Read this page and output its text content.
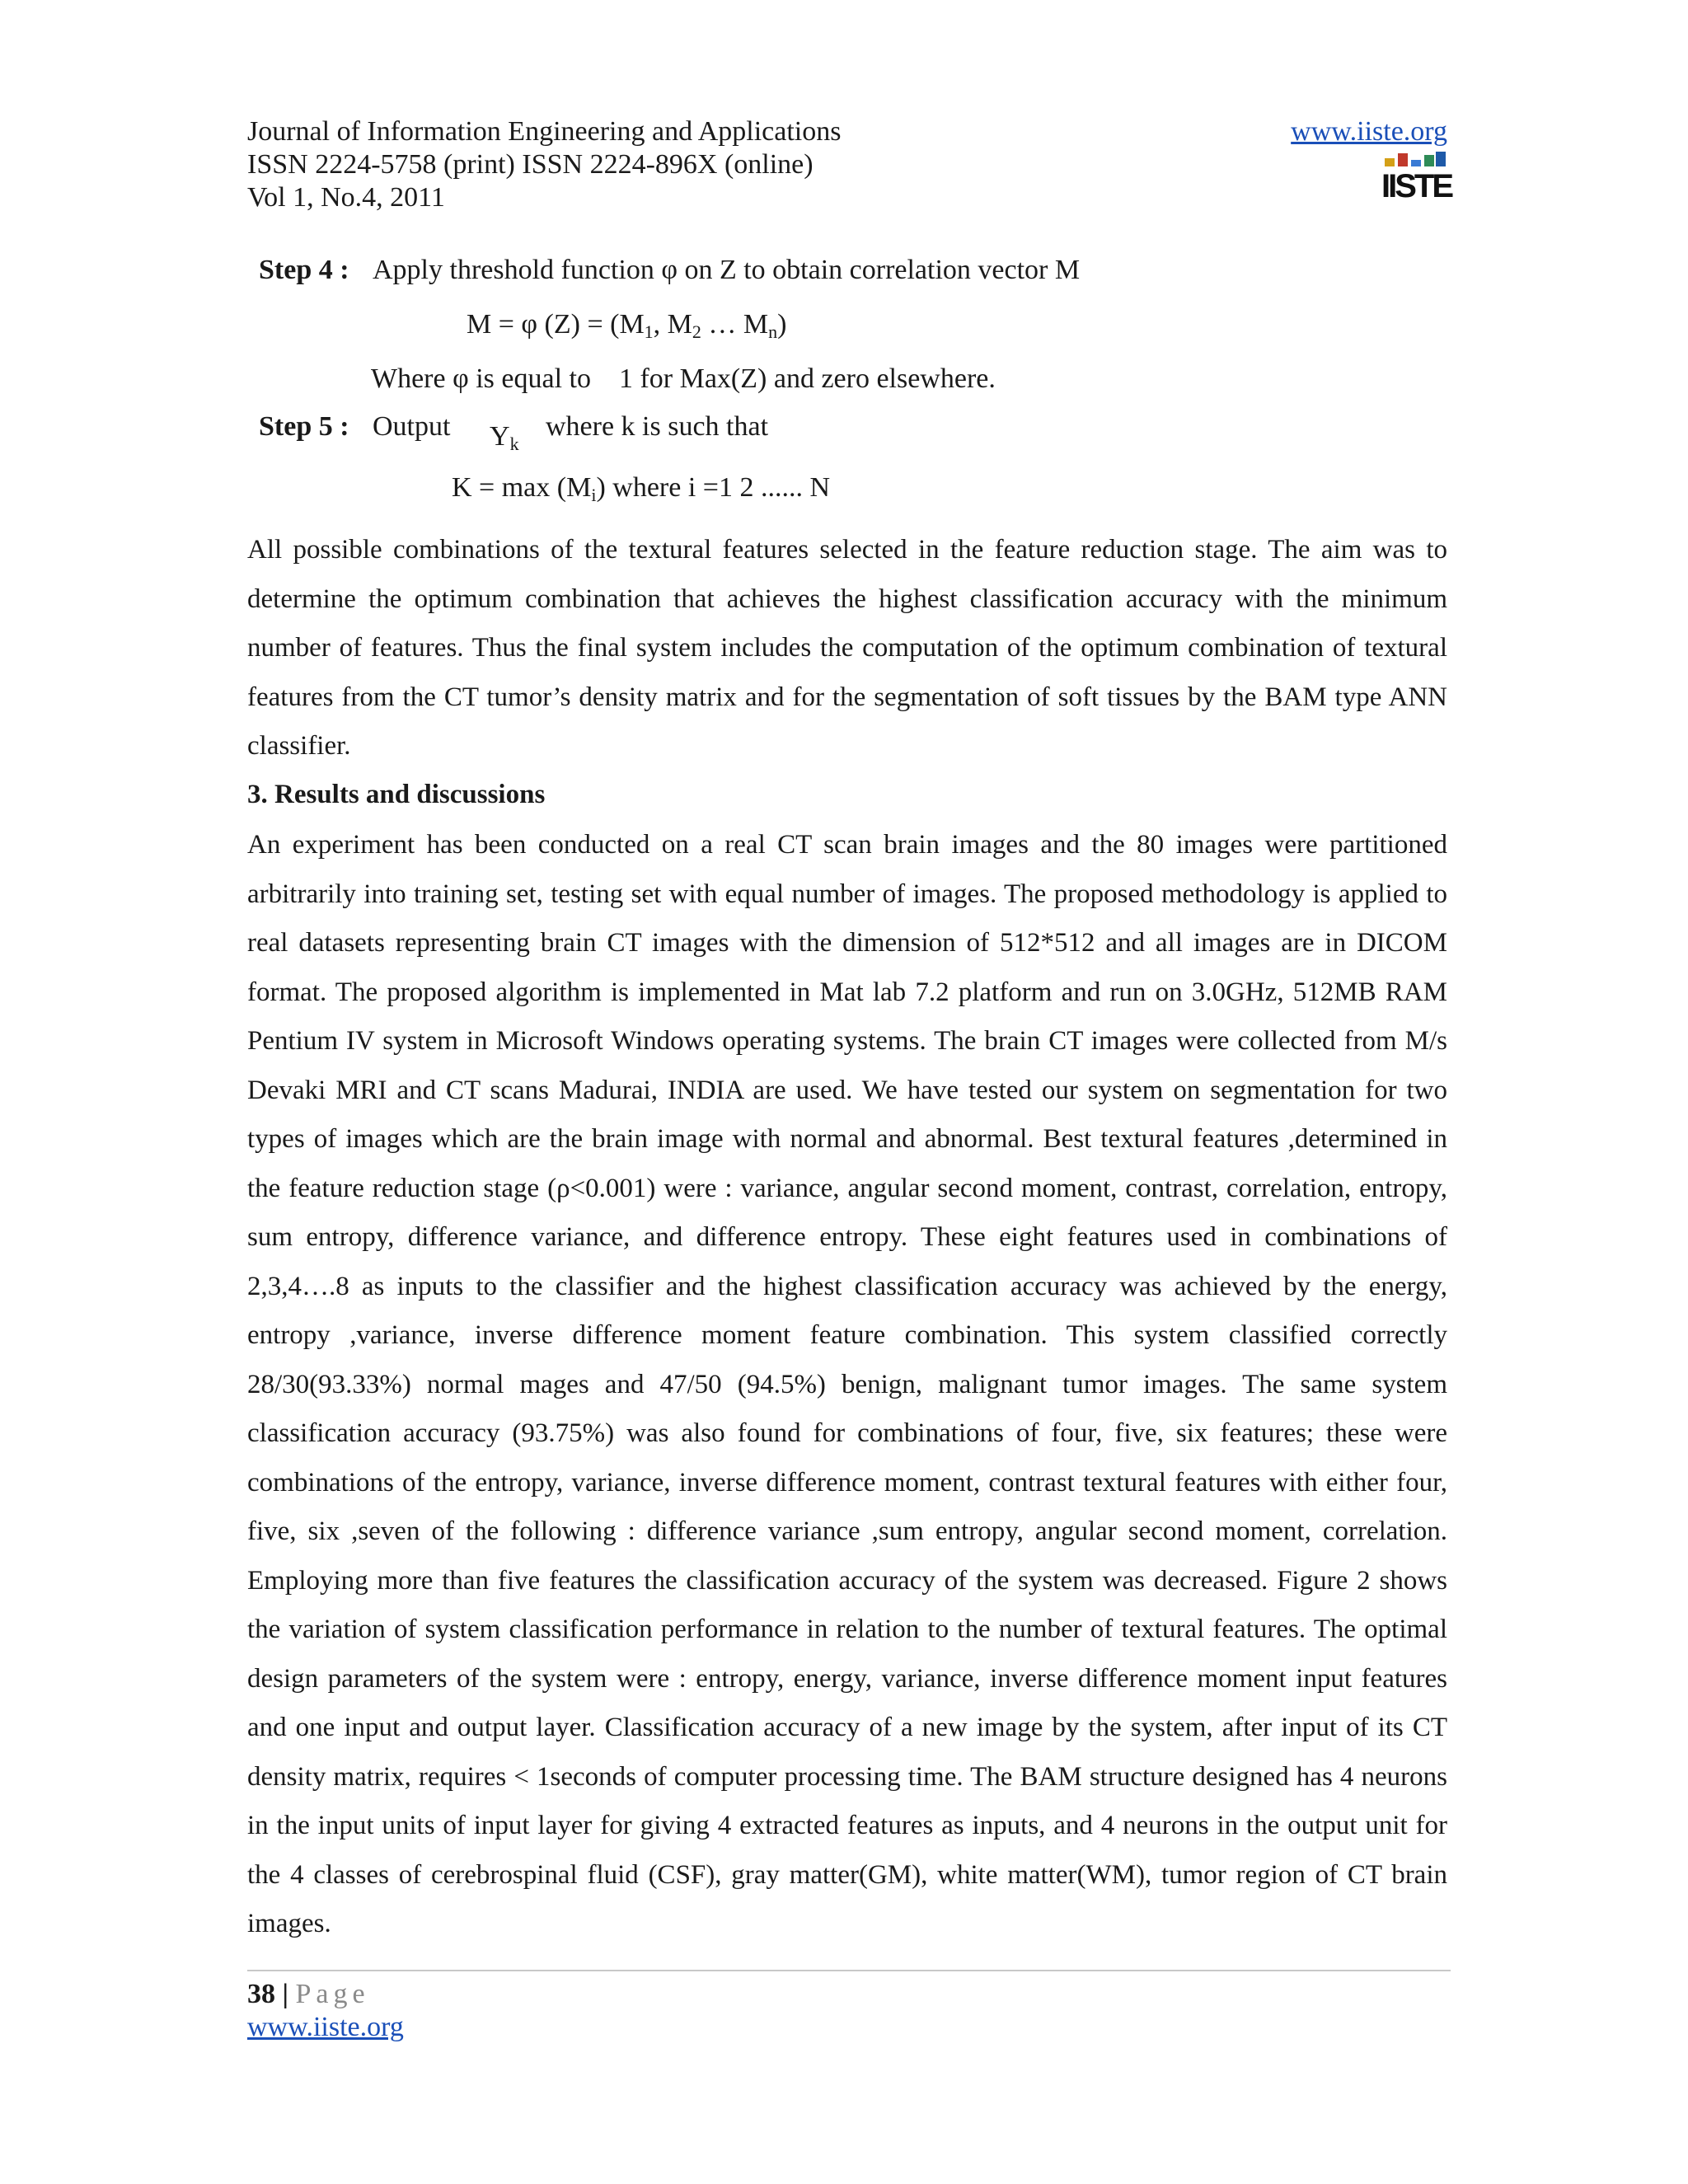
Journal of Information Engineering and Applications
ISSN 2224-5758 (print) ISSN 2224-896X (online)
Vol 1, No.4, 2011
www.iiste.org
IISTE
Step 4 : Apply threshold function φ on Z to obtain correlation vector M
M = φ $(Z) = (M_1$, $M_2$ … $M_n$)
Where φ is equal to    1 for Max(Z) and zero elsewhere.
Step 5 : Output $Y_k$
where k is such that
$K = \max (M_i)$ where i =1 2 ...... N
All possible combinations of the textural features selected in the feature reduction stage. The aim was to determine the optimum combination that achieves the highest classification accuracy with the minimum number of features. Thus the final system includes the computation of the optimum combination of textural features from the CT tumor’s density matrix and for the segmentation of soft tissues by the BAM type ANN classifier.
3. Results and discussions
An experiment has been conducted on a real CT scan brain images and the 80 images were partitioned arbitrarily into training set, testing set with equal number of images. The proposed methodology is applied to real datasets representing brain CT images with the dimension of 512*512 and all images are in DICOM format. The proposed algorithm is implemented in Mat lab 7.2 platform and run on 3.0GHz, 512MB RAM Pentium IV system in Microsoft Windows operating systems. The brain CT images were collected from M/s Devaki MRI and CT scans Madurai, INDIA are used. We have tested our system on segmentation for two types of images which are the brain image with normal and abnormal. Best textural features ,determined in the feature reduction stage (ρ<0.001) were : variance, angular second moment, contrast, correlation, entropy, sum entropy, difference variance, and difference entropy. These eight features used in combinations of 2,3,4….8 as inputs to the classifier and the highest classification accuracy was achieved by the energy, entropy ,variance, inverse difference moment feature combination. This system classified correctly 28/30(93.33%) normal mages and 47/50 (94.5%) benign, malignant tumor images. The same system classification accuracy (93.75%) was also found for combinations of four, five, six features; these were combinations of the entropy, variance, inverse difference moment, contrast textural features with either four, five, six ,seven of the following : difference variance ,sum entropy, angular second moment, correlation. Employing more than five features the classification accuracy of the system was decreased. Figure 2 shows the variation of system classification performance in relation to the number of textural features. The optimal design parameters of the system were : entropy, energy, variance, inverse difference moment input features and one input and output layer. Classification accuracy of a new image by the system, after input of its CT density matrix, requires < 1seconds of computer processing time. The BAM structure designed has 4 neurons in the input units of input layer for giving 4 extracted features as inputs, and 4 neurons in the output unit for the 4 classes of cerebrospinal fluid (CSF), gray matter(GM), white matter(WM), tumor region of CT brain images.
38 | Page
www.iiste.org
